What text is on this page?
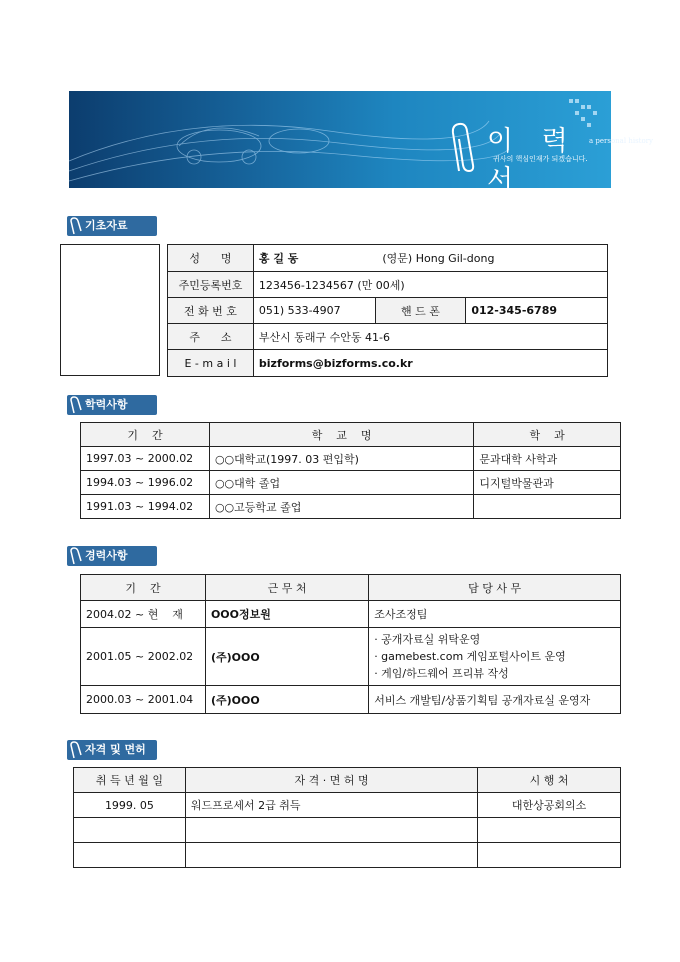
이 력 서
a personal history
귀사의 핵심인재가 되겠습니다.
기초자료
성      명	홍 길 동 (영문) Hong Gil-dong		
주민등록번호	123456-1234567 (만 00세)		
전 화 번 호	051) 533-4907	핸 드 폰	012-345-6789
주      소	부산시 동래구 수안동 41-6		
E - m a i l	bizforms@bizforms.co.kr		
학력사항
기    간	학    교    명	학    과
1997.03 ~ 2000.02	○○대학교(1997. 03 편입학)	문과대학 사학과
1994.03 ~ 1996.02	○○대학 졸업	디지털박물관과
1991.03 ~ 1994.02	○○고등학교 졸업	
경력사항
기    간	근 무 처	담 당 사 무
2004.02 ~ 현    재	OOO정보원	조사조정팀
2001.05 ~ 2002.02	(주)OOO	· 공개자료실 위탁운영
· gamebest.com 게임포털사이트 운영
· 게임/하드웨어 프리뷰 작성

2000.03 ~ 2001.04	(주)OOO	서비스 개발팀/상품기획팀 공개자료실 운영자
자격 및 면허
취 득 년 월 일	자 격 · 면 허 명	시 행 처
1999. 05	워드프로세서 2급 취득	대한상공회의소
